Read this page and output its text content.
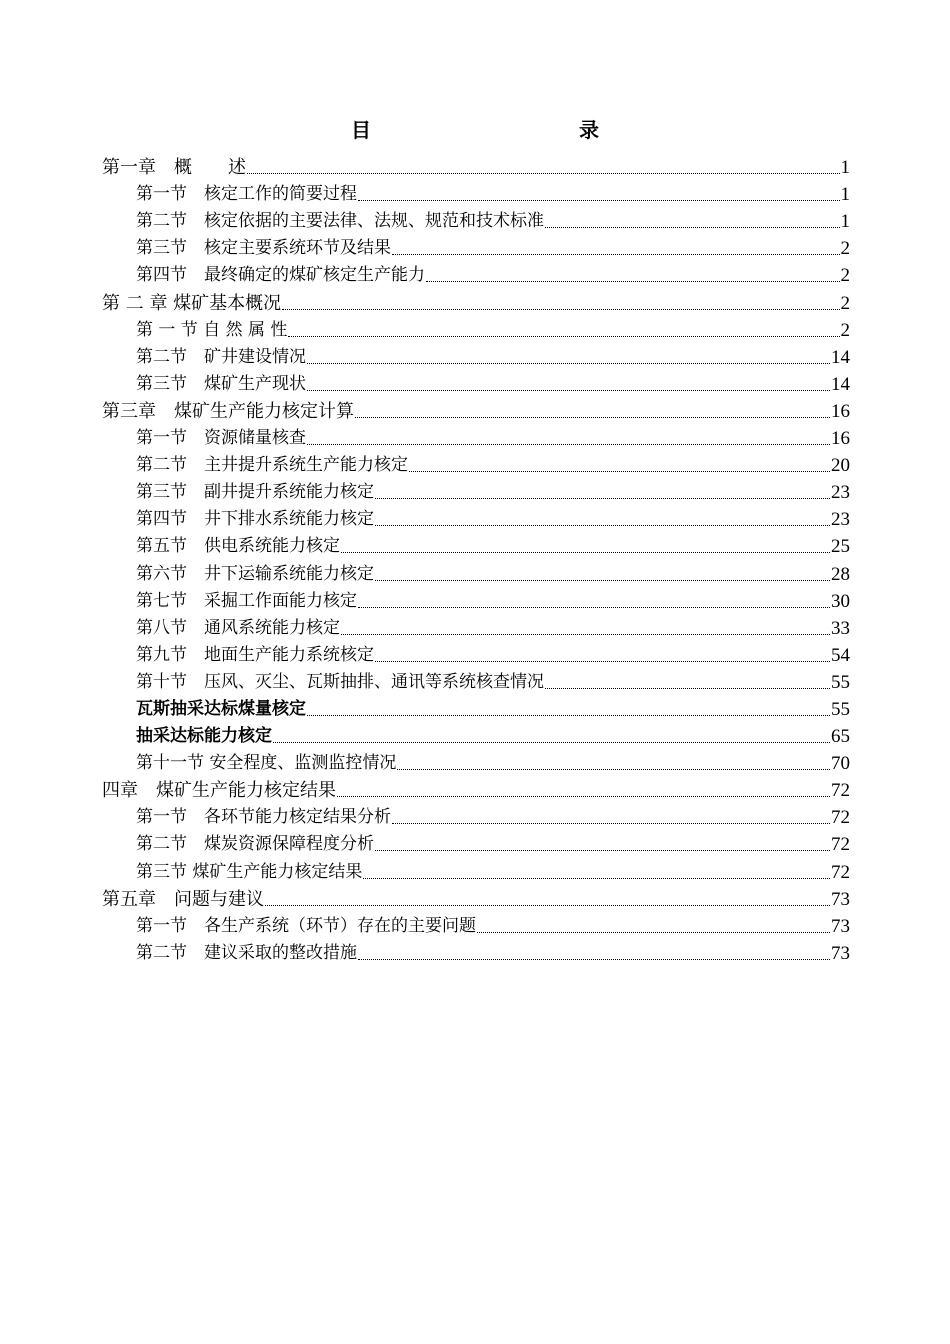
目　　录
第一章　概　　述	1
第一节　核定工作的简要过程	1
第二节　核定依据的主要法律、法规、规范和技术标准	1
第三节　核定主要系统环节及结果	2
第四节　最终确定的煤矿核定生产能力	2
第 二 章 煤矿基本概况	2
第 一 节 自 然 属 性	2
第二节　矿井建设情况	14
第三节　煤矿生产现状	14
第三章　煤矿生产能力核定计算	16
第一节　资源储量核查	16
第二节　主井提升系统生产能力核定	20
第三节　副井提升系统能力核定	23
第四节　井下排水系统能力核定	23
第五节　供电系统能力核定	25
第六节　井下运输系统能力核定	28
第七节　采掘工作面能力核定	30
第八节　通风系统能力核定	33
第九节　地面生产能力系统核定	54
第十节　压风、灭尘、瓦斯抽排、通讯等系统核查情况	55
瓦斯抽采达标煤量核定	55
抽采达标能力核定	65
第十一节 安全程度、监测监控情况	70
四章　煤矿生产能力核定结果	72
第一节　各环节能力核定结果分析	72
第二节　煤炭资源保障程度分析	72
第三节 煤矿生产能力核定结果	72
第五章　问题与建议	73
第一节　各生产系统（环节）存在的主要问题	73
第二节　建议采取的整改措施	73
